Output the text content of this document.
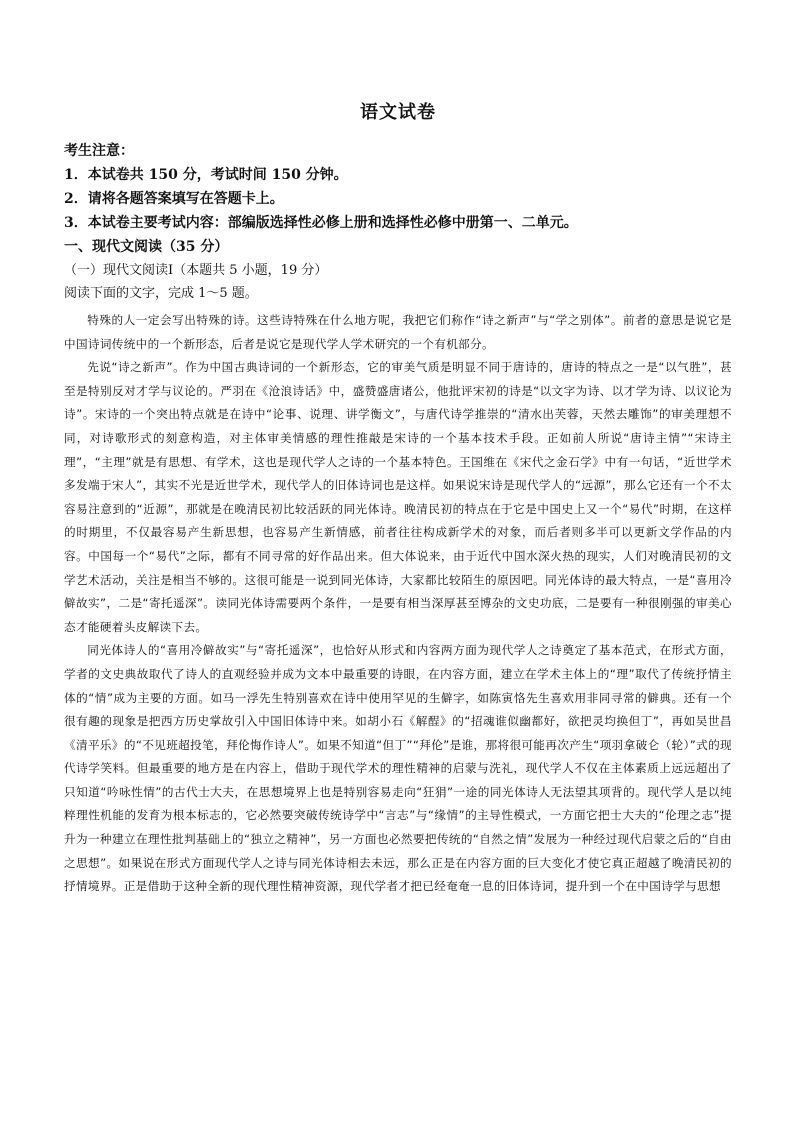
语文试卷

考生注意：

1．本试卷共 150 分，考试时间 150 分钟。

2．请将各题答案填写在答题卡上。

3．本试卷主要考试内容：部编版选择性必修上册和选择性必修中册第一、二单元。

一、现代文阅读（35 分）

（一）现代文阅读Ⅰ（本题共 5 小题，19 分）

阅读下面的文字，完成 1～5 题。

特殊的人一定会写出特殊的诗。这些诗特殊在什么地方呢，我把它们称作“诗之新声”与“学之别体”。前者的意思是说它是中国诗词传统中的一个新形态，后者是说它是现代学人学术研究的一个有机部分。

先说“诗之新声”。作为中国古典诗词的一个新形态，它的审美气质是明显不同于唐诗的，唐诗的特点之一是“以气胜”，甚至是特别反对才学与议论的。严羽在《沧浪诗话》中，盛赞盛唐诸公，他批评宋初的诗是“以文字为诗、以才学为诗、以议论为诗”。宋诗的一个突出特点就是在诗中“论事、说理、讲学衡文”，与唐代诗学推崇的“清水出芙蓉，天然去雕饰”的审美理想不同，对诗歌形式的刻意构造，对主体审美情感的理性推敲是宋诗的一个基本技术手段。正如前人所说“唐诗主情”“宋诗主理”，“主理”就是有思想、有学术，这也是现代学人之诗的一个基本特色。王国维在《宋代之金石学》中有一句话，“近世学术多发端于宋人”，其实不光是近世学术，现代学人的旧体诗词也是这样。如果说宋诗是现代学人的“远源”，那么它还有一个不太容易注意到的“近源”，那就是在晚清民初比较活跃的同光体诗。晚清民初的特点在于它是中国史上又一个“易代”时期，在这样的时期里，不仅最容易产生新思想，也容易产生新情感，前者往往构成新学术的对象，而后者则多半可以更新文学作品的内容。中国每一个“易代”之际，都有不同寻常的好作品出来。但大体说来，由于近代中国水深火热的现实，人们对晚清民初的文学艺术活动，关注是相当不够的。这很可能是一说到同光体诗，大家都比较陌生的原因吧。同光体诗的最大特点，一是“喜用冷僻故实”，二是“寄托遥深”。读同光体诗需要两个条件，一是要有相当深厚甚至博杂的文史功底，二是要有一种很刚强的审美心态才能硬着头皮解读下去。

同光体诗人的“喜用冷僻故实”与“寄托遥深”，也恰好从形式和内容两方面为现代学人之诗奠定了基本范式，在形式方面，学者的文史典故取代了诗人的直观经验并成为文本中最重要的诗眼，在内容方面，建立在学术主体上的“理”取代了传统抒情主体的“情”成为主要的方面。如马一浮先生特别喜欢在诗中使用罕见的生僻字，如陈寅恪先生喜欢用非同寻常的僻典。还有一个很有趣的现象是把西方历史掌故引入中国旧体诗中来。如胡小石《解酲》的“招魂谁似幽都好，欲把灵均换但丁”，再如吴世昌《清平乐》的“不见班超投笔，拜伦悔作诗人”。如果不知道“但丁”“拜伦”是谁，那将很可能再次产生“项羽拿破仑（轮）”式的现代诗学笑料。但最重要的地方是在内容上，借助于现代学术的理性精神的启蒙与洗礼，现代学人不仅在主体素质上远远超出了只知道“吟咏性情”的古代士大夫，在思想境界上也是特别容易走向“狂狷”一途的同光体诗人无法望其项背的。现代学人是以纯粹理性机能的发育为根本标志的，它必然要突破传统诗学中“言志”与“缘情”的主导性模式，一方面它把士大夫的“伦理之志”提升为一种建立在理性批判基础上的“独立之精神”，另一方面也必然要把传统的“自然之情”发展为一种经过现代启蒙之后的“自由之思想”。如果说在形式方面现代学人之诗与同光体诗相去未远，那么正是在内容方面的巨大变化才使它真正超越了晚清民初的抒情境界。正是借助于这种全新的现代理性精神资源，现代学者才把已经奄奄一息的旧体诗词，提升到一个在中国诗学与思想
